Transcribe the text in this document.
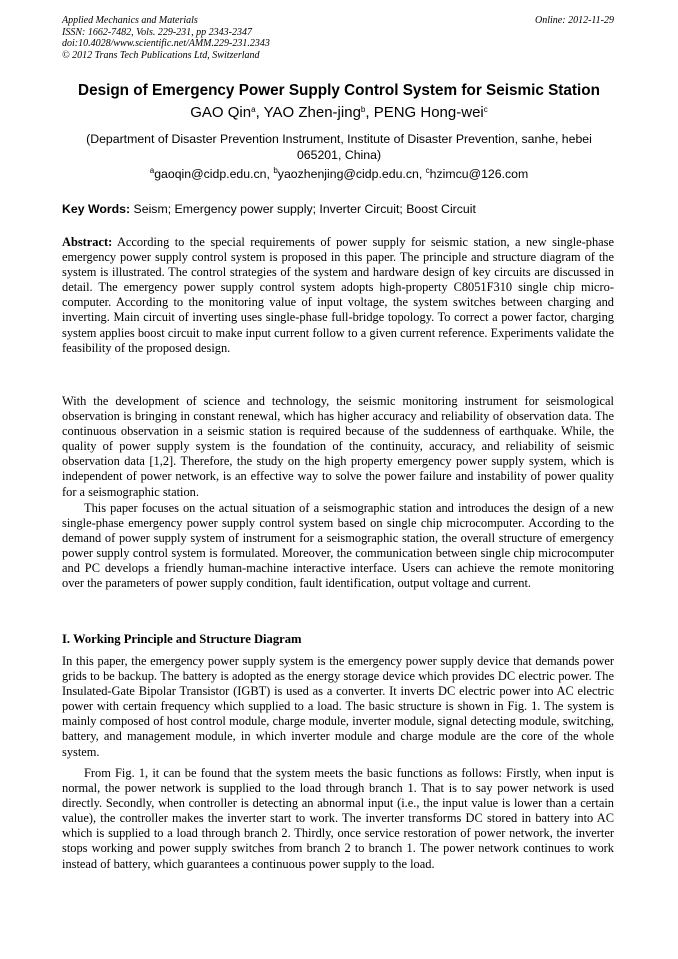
Applied Mechanics and Materials
ISSN: 1662-7482, Vols. 229-231, pp 2343-2347
doi:10.4028/www.scientific.net/AMM.229-231.2343
© 2012 Trans Tech Publications Ltd, Switzerland
Online: 2012-11-29
Design of Emergency Power Supply Control System for Seismic Station
GAO Qin$^a$, YAO Zhen-jing$^b$, PENG Hong-wei$^c$
(Department of Disaster Prevention Instrument, Institute of Disaster Prevention, sanhe, hebei 065201, China)
$^a$gaoqin@cidp.edu.cn, $^b$yaozhenjing@cidp.edu.cn, $^c$hzimcu@126.com
Key Words: Seism; Emergency power supply; Inverter Circuit; Boost Circuit
Abstract: According to the special requirements of power supply for seismic station, a new single-phase emergency power supply control system is proposed in this paper. The principle and structure diagram of the system is illustrated. The control strategies of the system and hardware design of key circuits are discussed in detail. The emergency power supply control system adopts high-property C8051F310 single chip micro-computer. According to the monitoring value of input voltage, the system switches between charging and inverting. Main circuit of inverting uses single-phase full-bridge topology. To correct a power factor, charging system applies boost circuit to make input current follow to a given current reference. Experiments validate the feasibility of the proposed design.
With the development of science and technology, the seismic monitoring instrument for seismological observation is bringing in constant renewal, which has higher accuracy and reliability of observation data. The continuous observation in a seismic station is required because of the suddenness of earthquake. While, the quality of power supply system is the foundation of the continuity, accuracy, and reliability of seismic observation data [1,2]. Therefore, the study on the high property emergency power supply system, which is independent of power network, is an effective way to solve the power failure and instability of power quality for a seismographic station.
This paper focuses on the actual situation of a seismographic station and introduces the design of a new single-phase emergency power supply control system based on single chip microcomputer. According to the demand of power supply system of instrument for a seismographic station, the overall structure of emergency power supply control system is formulated. Moreover, the communication between single chip microcomputer and PC develops a friendly human-machine interactive interface. Users can achieve the remote monitoring over the parameters of power supply condition, fault identification, output voltage and current.
I. Working Principle and Structure Diagram
In this paper, the emergency power supply system is the emergency power supply device that demands power grids to be backup. The battery is adopted as the energy storage device which provides DC electric power. The Insulated-Gate Bipolar Transistor (IGBT) is used as a converter. It inverts DC electric power into AC electric power with certain frequency which supplied to a load. The basic structure is shown in Fig. 1. The system is mainly composed of host control module, charge module, inverter module, signal detecting module, switching, battery, and management module, in which inverter module and charge module are the core of the whole system.
From Fig. 1, it can be found that the system meets the basic functions as follows: Firstly, when input is normal, the power network is supplied to the load through branch 1. That is to say power network is used directly. Secondly, when controller is detecting an abnormal input (i.e., the input value is lower than a certain value), the controller makes the inverter start to work. The inverter transforms DC stored in battery into AC which is supplied to a load through branch 2. Thirdly, once service restoration of power network, the inverter stops working and power supply switches from branch 2 to branch 1. The power network continues to work instead of battery, which guarantees a continuous power supply to the load.
